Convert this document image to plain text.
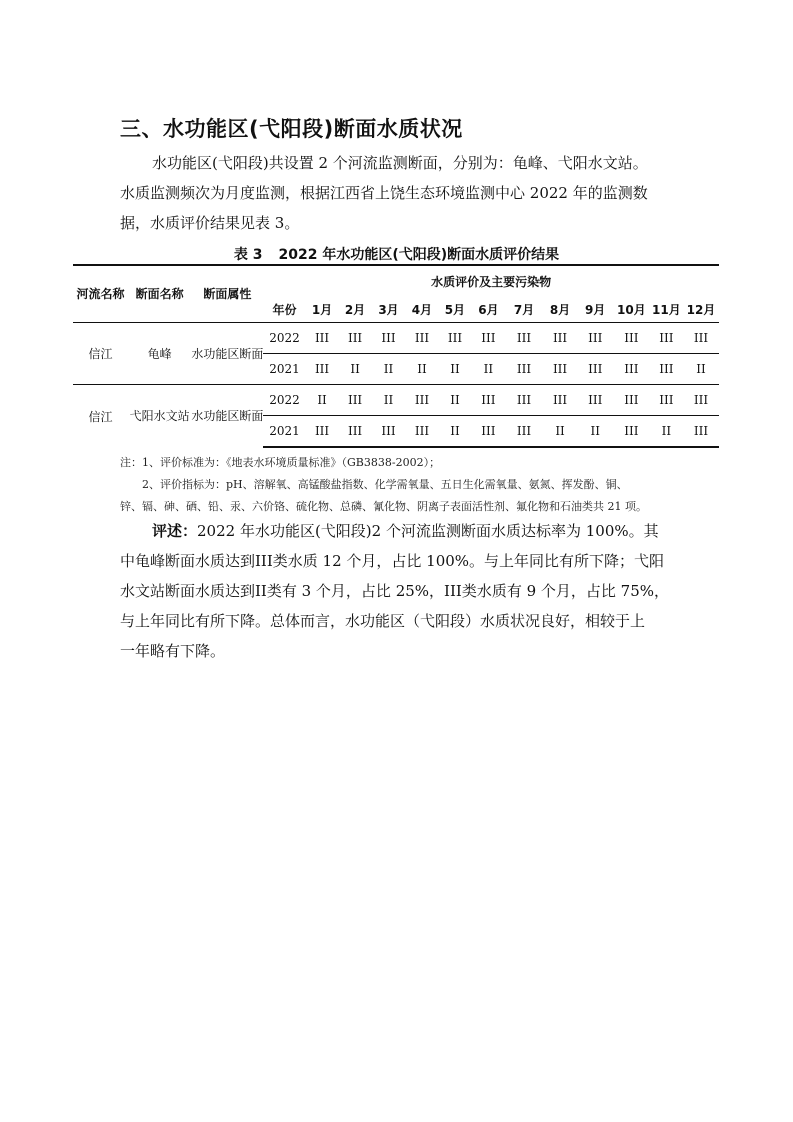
三、水功能区(弋阳段)断面水质状况

水功能区(弋阳段)共设置 2 个河流监测断面，分别为：龟峰、弋阳水文站。
水质监测频次为月度监测，根据江西省上饶生态环境监测中心 2022 年的监测数
据，水质评价结果见表 3。

表 3 2022 年水功能区(弋阳段)断面水质评价结果
河流名称	断面名称	断面属性	水质评价及主要污染物												
			年份	1月	2月	3月	4月	5月	6月	7月	8月	9月	10月	11月	12月
信江	龟峰	水功能区断面	2022	III	III	III	III	III	III	III	III	III	III	III	III
			2021	III	II	II	II	II	II	III	III	III	III	III	II
信江	弋阳水文站	水功能区断面	2022	II	III	II	III	II	III	III	III	III	III	III	III
			2021	III	III	III	III	II	III	III	II	II	III	II	III
注：1、评价标准为：《地表水环境质量标准》（GB3838-2002）；
2、评价指标为：pH、溶解氧、高锰酸盐指数、化学需氧量、五日生化需氧量、氨氮、挥发酚、铜、
锌、镉、砷、硒、铅、汞、六价铬、硫化物、总磷、氰化物、阴离子表面活性剂、氟化物和石油类共 21 项。

评述：2022 年水功能区(弋阳段)2 个河流监测断面水质达标率为 100%。其
中龟峰断面水质达到III类水质 12 个月，占比 100%。与上年同比有所下降；弋阳
水文站断面水质达到II类有 3 个月，占比 25%，III类水质有 9 个月，占比 75%，
与上年同比有所下降。总体而言，水功能区（弋阳段）水质状况良好，相较于上
一年略有下降。
